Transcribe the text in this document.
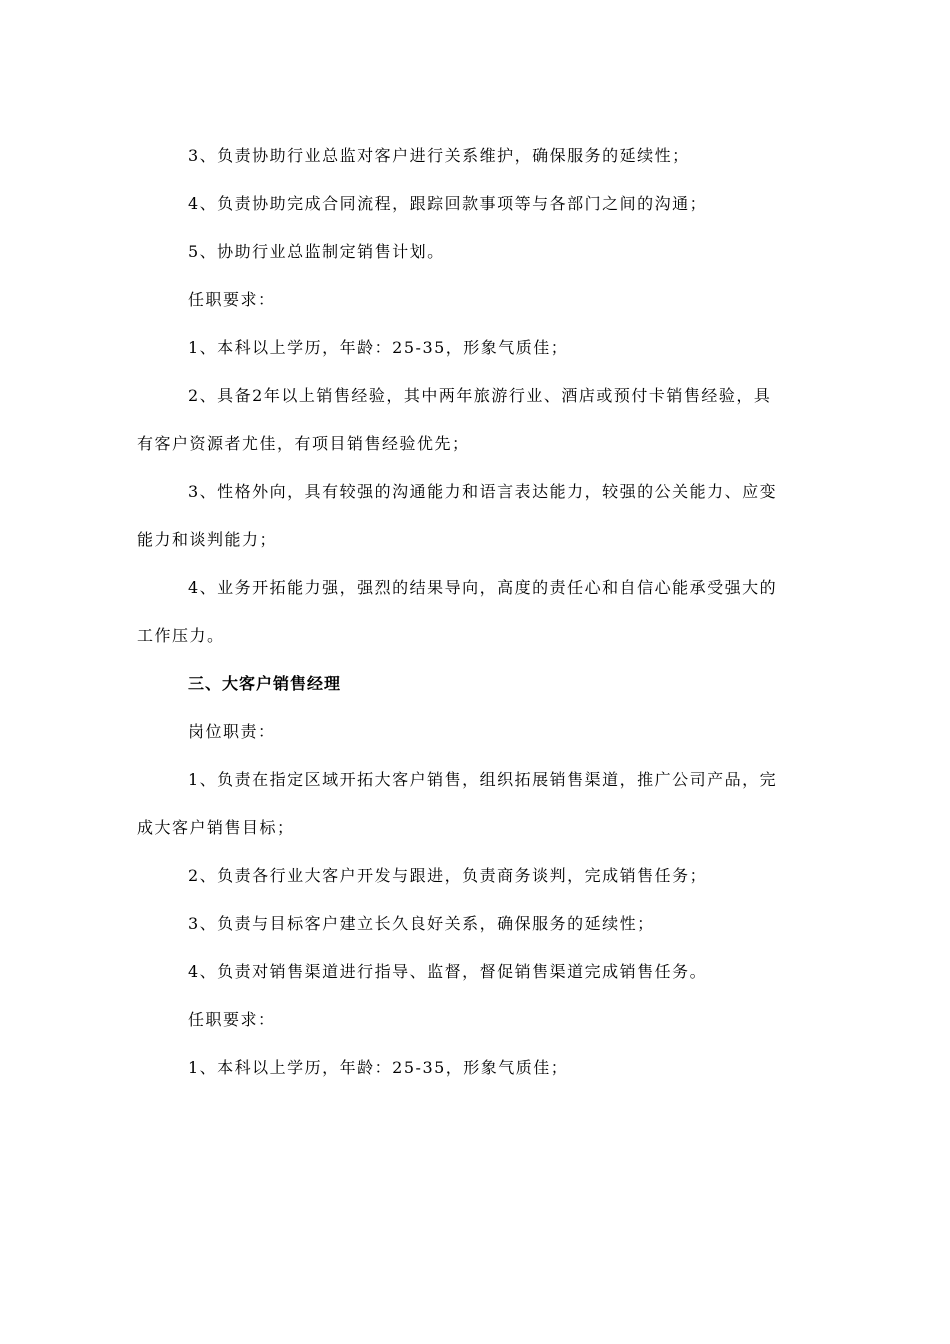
3、负责协助行业总监对客户进行关系维护，确保服务的延续性；
4、负责协助完成合同流程，跟踪回款事项等与各部门之间的沟通；
5、协助行业总监制定销售计划。
任职要求：
1、本科以上学历，年龄：25-35，形象气质佳；
2、具备2年以上销售经验，其中两年旅游行业、酒店或预付卡销售经验，具
有客户资源者尤佳，有项目销售经验优先；
3、性格外向，具有较强的沟通能力和语言表达能力，较强的公关能力、应变
能力和谈判能力；
4、业务开拓能力强，强烈的结果导向，高度的责任心和自信心能承受强大的
工作压力。
三、大客户销售经理
岗位职责：
1、负责在指定区域开拓大客户销售，组织拓展销售渠道，推广公司产品，完
成大客户销售目标；
2、负责各行业大客户开发与跟进，负责商务谈判，完成销售任务；
3、负责与目标客户建立长久良好关系，确保服务的延续性；
4、负责对销售渠道进行指导、监督，督促销售渠道完成销售任务。
任职要求：
1、本科以上学历，年龄：25-35，形象气质佳；
